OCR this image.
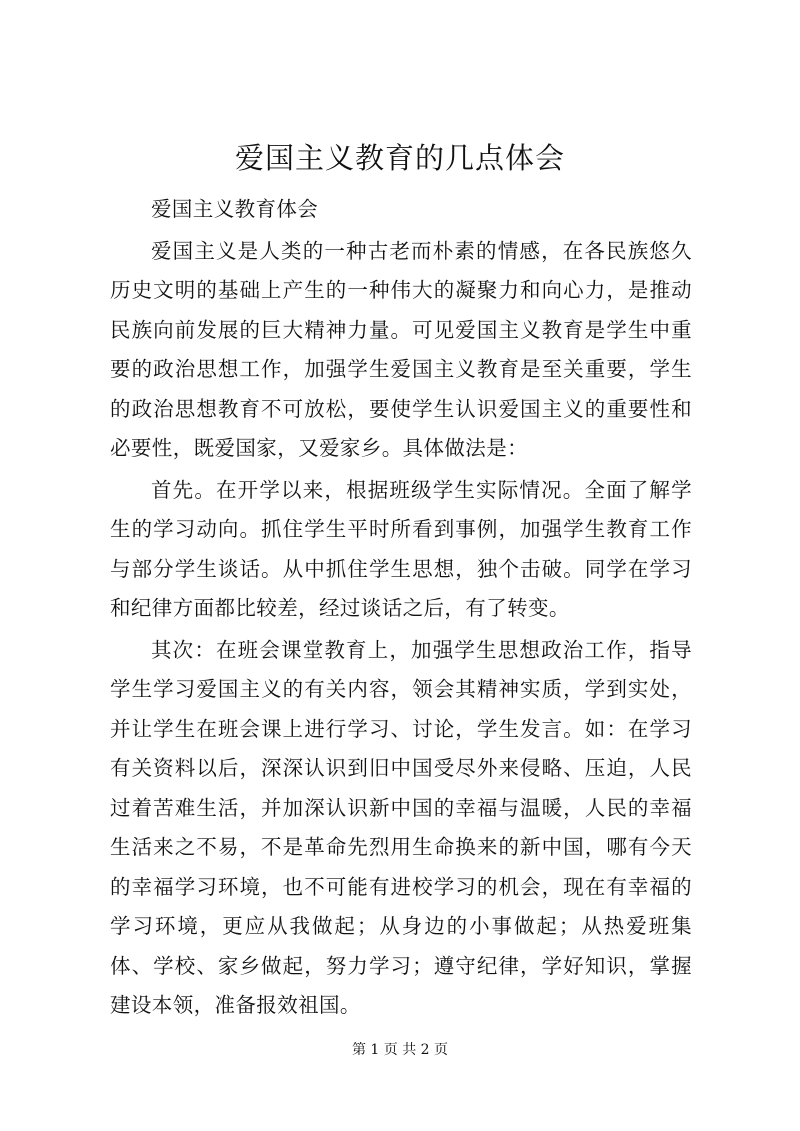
爱国主义教育的几点体会

爱国主义教育体会

爱国主义是人类的一种古老而朴素的情感，在各民族悠久历史文明的基础上产生的一种伟大的凝聚力和向心力，是推动民族向前发展的巨大精神力量。可见爱国主义教育是学生中重要的政治思想工作，加强学生爱国主义教育是至关重要，学生的政治思想教育不可放松，要使学生认识爱国主义的重要性和必要性，既爱国家，又爱家乡。具体做法是：

首先。在开学以来，根据班级学生实际情况。全面了解学生的学习动向。抓住学生平时所看到事例，加强学生教育工作与部分学生谈话。从中抓住学生思想，独个击破。同学在学习和纪律方面都比较差，经过谈话之后，有了转变。

其次：在班会课堂教育上，加强学生思想政治工作，指导学生学习爱国主义的有关内容，领会其精神实质，学到实处，并让学生在班会课上进行学习、讨论，学生发言。如：在学习有关资料以后，深深认识到旧中国受尽外来侵略、压迫，人民过着苦难生活，并加深认识新中国的幸福与温暖，人民的幸福生活来之不易，不是革命先烈用生命换来的新中国，哪有今天的幸福学习环境，也不可能有进校学习的机会，现在有幸福的学习环境，更应从我做起；从身边的小事做起；从热爱班集体、学校、家乡做起，努力学习；遵守纪律，学好知识，掌握建设本领，准备报效祖国。

第 1 页 共 2 页
